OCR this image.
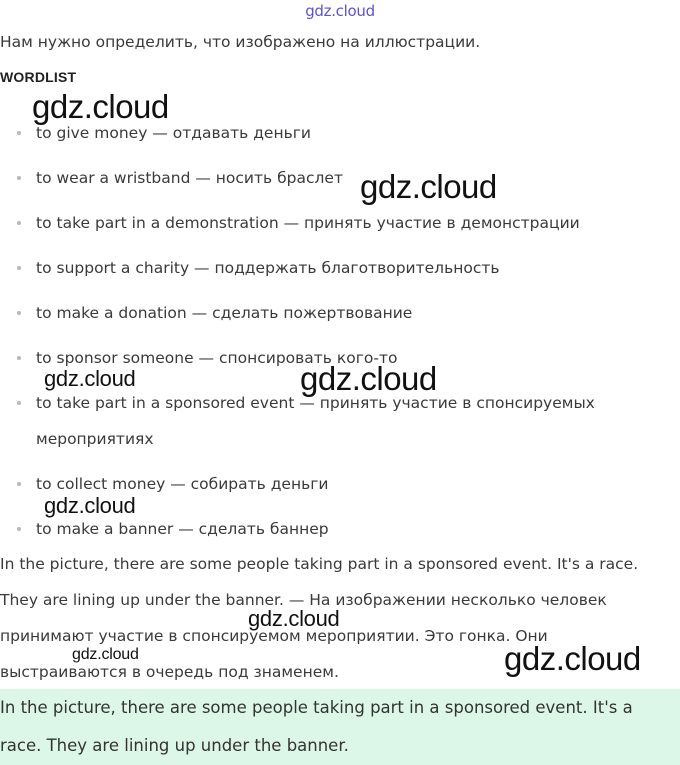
gdz.cloud
Нам нужно определить, что изображено на иллюстрации.
WORDLIST
to give money — отдавать деньги
to wear a wristband — носить браслет
to take part in a demonstration — принять участие в демонстрации
to support a charity — поддержать благотворительность
to make a donation — сделать пожертвование
to sponsor someone — спонсировать кого-то
to take part in a sponsored event — принять участие в спонсируемых мероприятиях
to collect money — собирать деньги
to make a banner — сделать баннер
In the picture, there are some people taking part in a sponsored event. It's a race. They are lining up under the banner. — На изображении несколько человек принимают участие в спонсируемом мероприятии. Это гонка. Они выстраиваются в очередь под знаменем.
In the picture, there are some people taking part in a sponsored event. It's a race. They are lining up under the banner.
gdz.cloud
gdz.cloud
gdz.cloud	gdz.cloud
gdz.cloud
gdz.cloud
gdz.cloud	gdz.cloud
